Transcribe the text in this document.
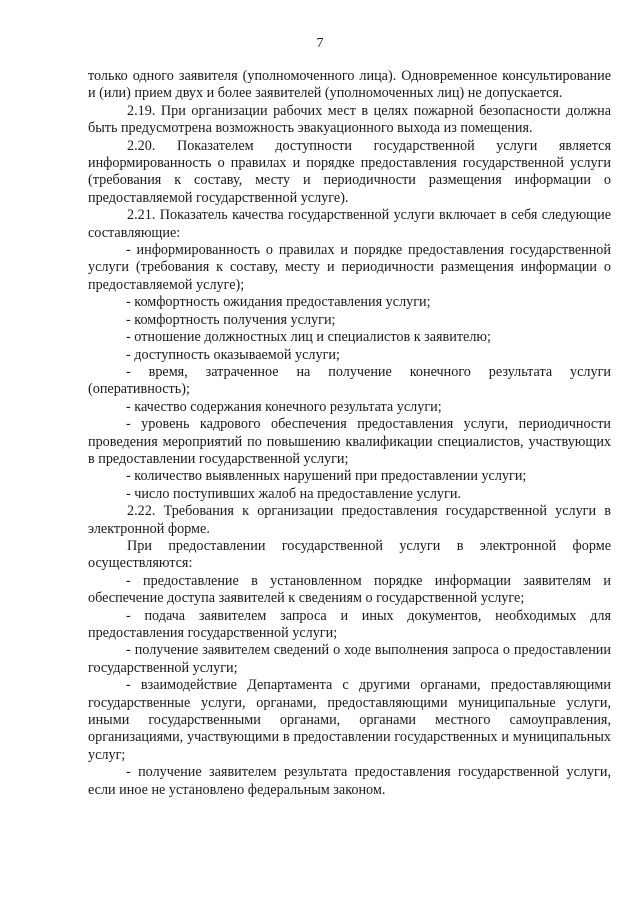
7

только одного заявителя (уполномоченного лица). Одновременное консультирование и (или) прием двух и более заявителей (уполномоченных лиц) не допускается.

2.19. При организации рабочих мест в целях пожарной безопасности должна быть предусмотрена возможность эвакуационного выхода из помещения.

2.20. Показателем доступности государственной услуги является информированность о правилах и порядке предоставления государственной услуги (требования к составу, месту и периодичности размещения информации о предоставляемой государственной услуге).

2.21. Показатель качества государственной услуги включает в себя следующие составляющие:

- информированность о правилах и порядке предоставления государственной услуги (требования к составу, месту и периодичности размещения информации о предоставляемой услуге);

- комфортность ожидания предоставления услуги;

- комфортность получения услуги;

- отношение должностных лиц и специалистов к заявителю;

- доступность оказываемой услуги;

- время, затраченное на получение конечного результата услуги (оперативность);

- качество содержания конечного результата услуги;

- уровень кадрового обеспечения предоставления услуги, периодичности проведения мероприятий по повышению квалификации специалистов, участвующих в предоставлении государственной услуги;

- количество выявленных нарушений при предоставлении услуги;

- число поступивших жалоб на предоставление услуги.

2.22. Требования к организации предоставления государственной услуги в электронной форме.

При предоставлении государственной услуги в электронной форме осуществляются:

- предоставление в установленном порядке информации заявителям и обеспечение доступа заявителей к сведениям о государственной услуге;

- подача заявителем запроса и иных документов, необходимых для предоставления государственной услуги;

- получение заявителем сведений о ходе выполнения запроса о предоставлении государственной услуги;

- взаимодействие Департамента с другими органами, предоставляющими государственные услуги, органами, предоставляющими муниципальные услуги, иными государственными органами, органами местного самоуправления, организациями, участвующими в предоставлении государственных и муниципальных услуг;

- получение заявителем результата предоставления государственной услуги, если иное не установлено федеральным законом.
